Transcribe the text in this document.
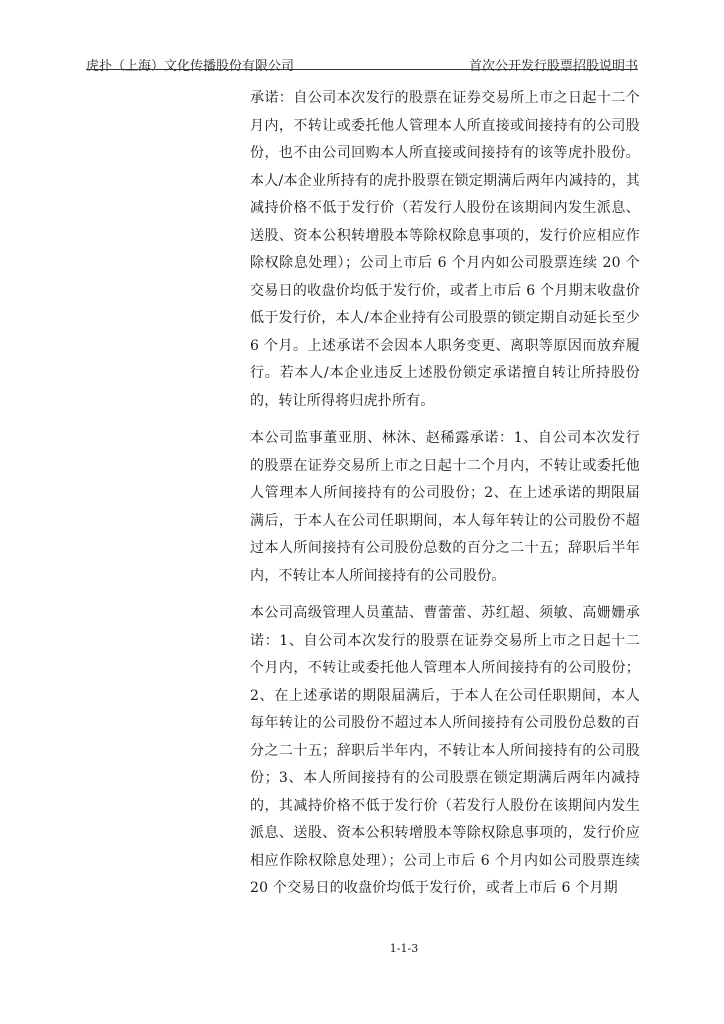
虎扑（上海）文化传播股份有限公司	首次公开发行股票招股说明书

承诺：自公司本次发行的股票在证券交易所上市之日起十二个月内，不转让或委托他人管理本人所直接或间接持有的公司股份，也不由公司回购本人所直接或间接持有的该等虎扑股份。本人/本企业所持有的虎扑股票在锁定期满后两年内减持的，其减持价格不低于发行价（若发行人股份在该期间内发生派息、送股、资本公积转增股本等除权除息事项的，发行价应相应作除权除息处理）；公司上市后 6 个月内如公司股票连续 20 个交易日的收盘价均低于发行价，或者上市后 6 个月期末收盘价低于发行价，本人/本企业持有公司股票的锁定期自动延长至少 6 个月。上述承诺不会因本人职务变更、离职等原因而放弃履行。若本人/本企业违反上述股份锁定承诺擅自转让所持股份的，转让所得将归虎扑所有。

本公司监事董亚朋、林沐、赵稀露承诺：1、自公司本次发行的股票在证券交易所上市之日起十二个月内，不转让或委托他人管理本人所间接持有的公司股份；2、在上述承诺的期限届满后，于本人在公司任职期间，本人每年转让的公司股份不超过本人所间接持有公司股份总数的百分之二十五；辞职后半年内，不转让本人所间接持有的公司股份。

本公司高级管理人员董喆、曹蕾蕾、苏红超、须敏、高姗姗承诺：1、自公司本次发行的股票在证券交易所上市之日起十二个月内，不转让或委托他人管理本人所间接持有的公司股份；2、在上述承诺的期限届满后，于本人在公司任职期间，本人每年转让的公司股份不超过本人所间接持有公司股份总数的百分之二十五；辞职后半年内，不转让本人所间接持有的公司股份；3、本人所间接持有的公司股票在锁定期满后两年内减持的，其减持价格不低于发行价（若发行人股份在该期间内发生派息、送股、资本公积转增股本等除权除息事项的，发行价应相应作除权除息处理）；公司上市后 6 个月内如公司股票连续 20 个交易日的收盘价均低于发行价，或者上市后 6 个月期

1-1-3
